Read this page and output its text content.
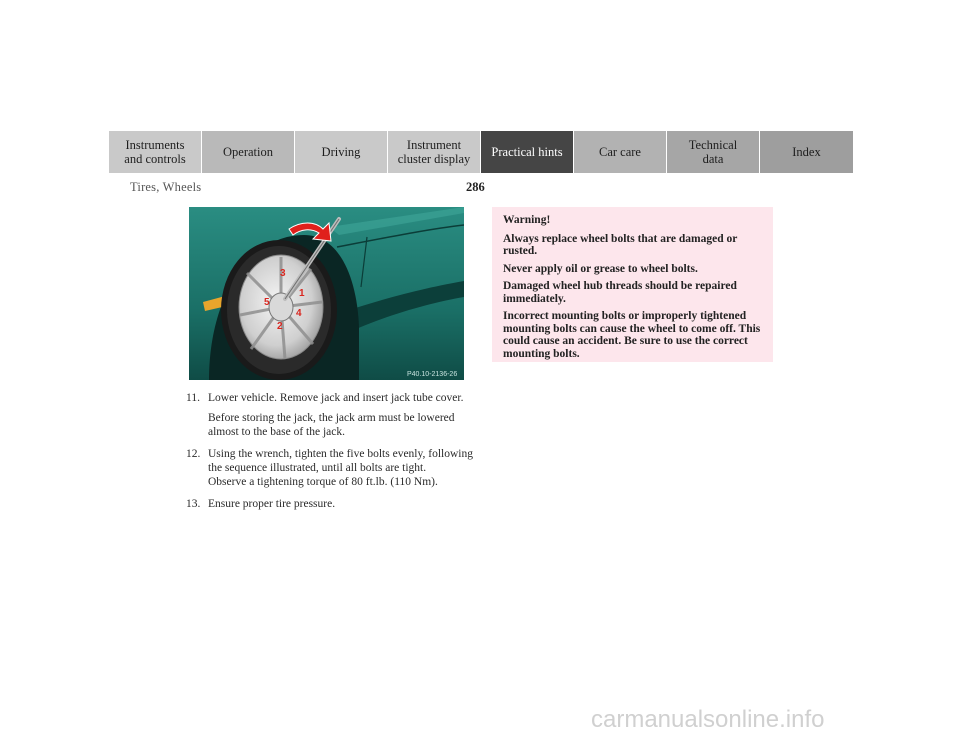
Instruments
and controls	Operation	Driving	Instrument
cluster display	Practical hints	Car care	Technical
data	Index
Tires, Wheels	286
1
2
3
4
5
P40.10-2136-26
11. Lower vehicle. Remove jack and insert jack tube cover.

Before storing the jack, the jack arm must be lowered almost to the base of the jack.

12. Using the wrench, tighten the five bolts evenly, following the sequence illustrated, until all bolts are tight.

Observe a tightening torque of 80 ft.lb. (110 Nm).

13. Ensure proper tire pressure.

Warning!

Always replace wheel bolts that are damaged or rusted.

Never apply oil or grease to wheel bolts.

Damaged wheel hub threads should be repaired immediately.

Incorrect mounting bolts or improperly tightened mounting bolts can cause the wheel to come off. This could cause an accident. Be sure to use the correct mounting bolts.

carmanualsonline.info
